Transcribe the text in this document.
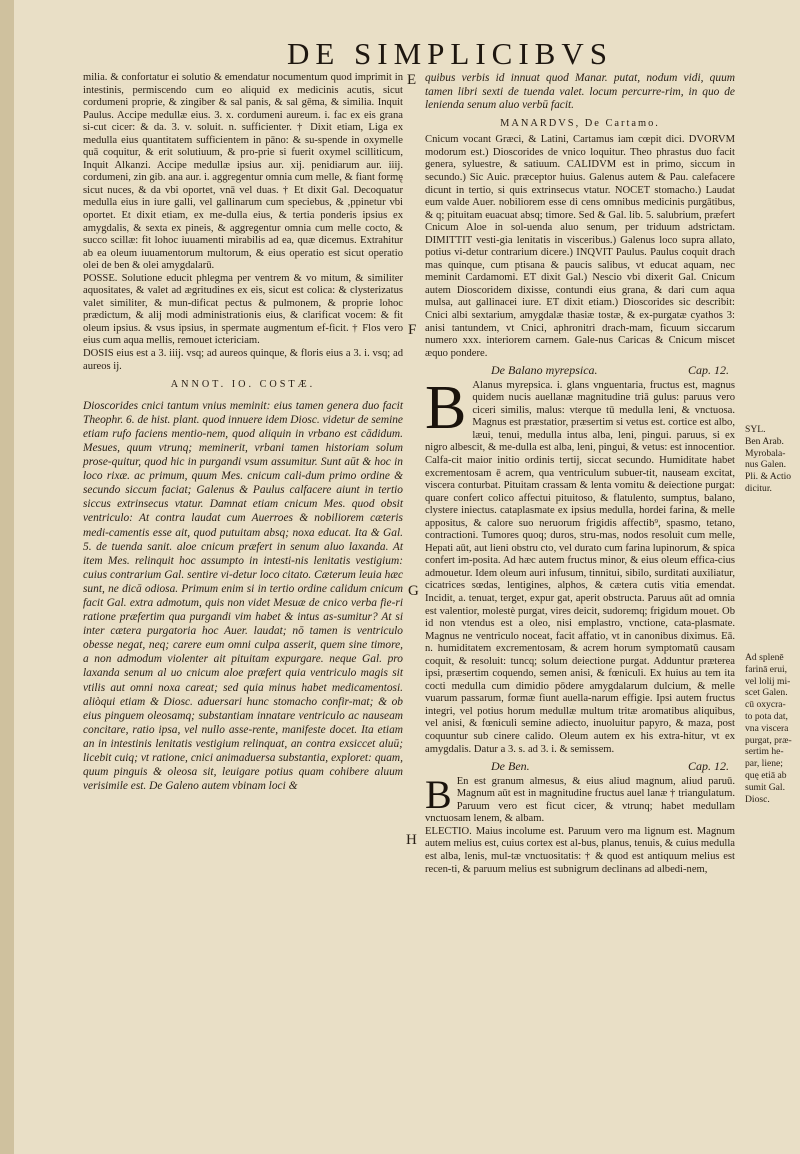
DE SIMPLICIBVS
E
F
G
H

milia. & confortatur ei solutio & emendatur nocumentum quod imprimit in intestinis, permiscendo cum eo aliquid ex medicinis acutis, sicut cordumeni proprie, & zingiber & sal panis, & sal gēma, & similia. Inquit Paulus. Accipe medullæ eius. 3. x. cordumeni aureum. i. fac ex eis grana si-cut cicer: & da. 3. v. soluit. n. sufficienter. † Dixit etiam, Liga ex medulla eius quantitatem sufficientem in pāno: & su-spende in oxymelle quā coquitur, & erit solutiuum, & pro-prie si fuerit oxymel scilliticum, Inquit Alkanzi. Accipe medullæ ipsius aur. xij. penidiarum aur. iiij. cordumeni, zin gib. ana aur. i. aggregentur omnia cum melle, & fiant formę sicut nuces, & da vbi oportet, vnā vel duas. † Et dixit Gal. Decoquatur medulla eius in iure galli, vel gallinarum cum speciebus, & ,ppinetur vbi oportet. Et dixit etiam, ex me-dulla eius, & tertia ponderis ipsius ex amygdalis, & sexta ex pineis, & aggregentur omnia cum melle cocto, & succo scillæ: fit lohoc iuuamenti mirabilis ad ea, quæ dicemus. Extrahitur ab ea oleum iuuamentorum multorum, & eius operatio est sicut operatio olei de ben & olei amygdalarū.

POSSE. Solutione educit phlegma per ventrem & vo mitum, & similiter aquositates, & valet ad ægritudines ex eis, sicut est colica: & clysterizatus valet similiter, & mun-dificat pectus & pulmonem, & proprie lohoc prædictum, & alij modi administrationis eius, & clarificat vocem: & fit oleum ipsius. & vsus ipsius, in spermate augmentum ef-ficit. † Flos vero eius cum aqua mellis, remouet ictericiam.

DOSIS eius est a 3. iiij. vsq; ad aureos quinque, & floris eius a 3. i. vsq; ad aureos ij.

ANNOT. IO. COSTÆ.

Dioscorides cnici tantum vnius meminit: eius tamen genera duo facit Theophr. 6. de hist. plant. quod innuere idem Diosc. videtur de semine etiam rufo faciens mentio-nem, quod aliquin in vrbano est cādidum. Mesues, quum vtrunq; meminerit, vrbani tamen historiam solum prose-quitur, quod hic in purgandi vsum assumitur. Sunt aūt & hoc in loco rixæ. ac primum, quum Mes. cnicum cali-dum primo ordine & secundo siccum faciat; Galenus & Paulus calfacere aiunt in tertio siccus extrinsecus vtatur. Damnat etiam cnicum Mes. quod obsit ventriculo: At contra laudat cum Auerroes & nobiliorem cæteris medi-camentis esse ait, quod putuitam absq; noxa educat. Ita & Gal. 5. de tuenda sanit. aloe cnicum præfert in senum aluo laxanda. At item Mes. relinquit hoc assumpto in intesti-nis lenitatis vestigium: cuius contrarium Gal. sentire vi-detur loco citato. Cæterum leuia hæc sunt, ne dicā odiosa. Primum enim si in tertio ordine calidum cnicum facit Gal. extra admotum, quis non videt Mesuæ de cnico verba fie-ri ratione præfertim qua purgandi vim habet & intus as-sumitur? At si inter cætera purgatoria hoc Auer. laudat; nō tamen is ventriculo obesse negat, neq; carere eum omni culpa asserit, quem sine timore, a non admodum violenter ait pituitam expurgare. neque Gal. pro laxanda senum al uo cnicum aloe præfert quia ventriculo magis sit vtilis aut omni noxa careat; sed quia minus habet medicamentosi. aliòqui etiam & Diosc. aduersari hunc stomacho confir-mat; & ob eius pinguem oleosamq; substantiam innatare ventriculo ac nauseam concitare, ratio ipsa, vel nullo asse-rente, manifeste docet. Ita etiam an in intestinis lenitatis vestigium relinquat, an contra exsiccet aluū; licebit cuiq; vt ratione, cnici animaduersa substantia, exploret: quam, quum pinguis & oleosa sit, leuigare potius quam cohibere aluum verisimile est. De Galeno autem vbinam loci &

quibus verbis id innuat quod Manar. putat, nodum vidi, quum tamen libri sexti de tuenda valet. locum percurre-rim, in quo de lenienda senum aluo verbū facit.

MANARDVS, De Cartamo.

Cnicum vocant Græci, & Latini, Cartamus iam cœpit dici. DVORVM modorum est.) Dioscorides de vnico loquitur. Theo phrastus duo facit genera, syluestre, & satiuum. CALIDVM est in primo, siccum in secundo.) Sic Auic. præceptor huius. Galenus autem & Pau. calefacere dicunt in tertio, si quis extrinsecus vtatur. NOCET stomacho.) Laudat eum valde Auer. nobiliorem esse di cens omnibus medicinis purgātibus, & q; pituitam euacuat absq; timore. Sed & Gal. lib. 5. salubrium, præfert Cnicum Aloe in sol-uenda aluo senum, per triduum adstrictam. DIMITTIT vesti-gia lenitatis in visceribus.) Galenus loco supra allato, potius vi-detur contrarium dicere.) INQVIT Paulus. Paulus coquit drach mas quinque, cum ptisana & paucis salibus, vt educat aquam, nec meminit Cardamomi. ET dixit Gal.) Nescio vbi dixerit Gal. Cnicum autem Dioscoridem dixisse, contundi eius grana, & dari cum aqua mulsa, aut gallinacei iure. ET dixit etiam.) Dioscorides sic describit: Cnici albi sextarium, amygdalæ thasiæ tostæ, & ex-purgatæ cyathos 3: anisi tantundem, vt Cnici, aphronitri drach-mam, ficuum siccarum numero xxx. interiorem carnem. Gale-nus Caricas & Cnicum miscet æquo pondere.

De Balano myrepsica.	Cap. 12.
B Alanus myrepsica. i. glans vnguentaria, fructus est, magnus quidem nucis auellanæ magnitudine triā gulus: paruus vero ciceri similis, malus: vterque tū medulla leni, & vnctuosa. Magnus est præstatior, præsertim si vetus est. cortice est albo, læui, tenui, medulla intus alba, leni, pingui. paruus, si ex nigro albescit, & me-dulla est alba, leni, pingui, & vetus: est innocentior. Calfa-cit maior initio ordinis tertij, siccat secundo. Humiditate habet excrementosam ē acrem, qua ventriculum subuer-tit, nauseam excitat, viscera conturbat. Pituitam crassam & lenta vomitu & deiectione purgat: quare confert colico affectui pituitoso, & flatulento, sumptus, balano, clystere iniectus. cataplasmate ex ipsius medulla, hordei farina, & melle appositus, & calore suo neruorum frigidis affectib⁹, spasmo, tetano, contractioni. Tumores quoq; duros, stru-mas, nodos resoluit cum melle, Hepati aūt, aut lieni obstru cto, vel durato cum farina lupinorum, & spica confert im-posita. Ad hæc autem fructus minor, & eius oleum effica-cius admouetur. Idem oleum auri infusum, tinnitui, sibilo, surditati auxiliatur, cicatrices sœdas, lentigines, alphos, & cætera cutis vitia emendat. Incidit, a. tenuat, terget, expur gat, aperit obstructa. Paruus aūt ad omnia est valentior, molestè purgat, vires deicit, sudoremq; frigidum mouet. Ob id non vtendus est a oleo, nisi emplastro, vnctione, cata-plasmate. Magnus ne ventriculo noceat, facit affatio, vt in canonibus diximus. Eā. n. humiditatem excrementosam, & acrem horum symptomatū causam coquit, & resoluit: tuncq; solum deiectione purgat. Adduntur præterea ipsi, præsertim coquendo, semen anisi, & fœniculi. Ex huius au tem ita cocti medulla cum dimidio pōdere amygdalarum dulcium, & melle vuarum passarum, formæ fiunt auella-narum effigie. Ipsi autem fructus integri, vel potius horum medullæ multum tritæ aromatibus aliquibus, vel anisi, & fœniculi semine adiecto, inuoluitur papyro, & maza, post coquuntur sub cinere calido. Oleum autem ex his extra-hitur, vt ex amygdalis. Datur a 3. s. ad 3. i. & semissem.

De Ben.	Cap. 12.
B En est granum almesus, & eius aliud magnum, aliud paruū. Magnum aūt est in magnitudine fructus auel lanæ † triangulatum. Paruum vero est ficut cicer, & vtrunq; habet medullam vnctuosam lenem, & albam.

ELECTIO. Maius incolume est. Paruum vero ma lignum est. Magnum autem melius est, cuius cortex est al-bus, planus, tenuis, & cuius medulla est alba, lenis, mul-tæ vnctuositatis: † & quod est antiquum melius est recen-ti, & paruum melius est subnigrum declinans ad albedi-nem,

SYL.
Ben Arab.
Myrobala-
nus Galen.
Pli. & Actio
dicitur.
Ad splenē
farinā erui,
vel lolij mi-
scet Galen.
cū oxycra-
to pota dat,
vna viscera
purgat, præ-
sertim he-
par, liene;
quę etiā ab
sumit Gal.
Diosc.
